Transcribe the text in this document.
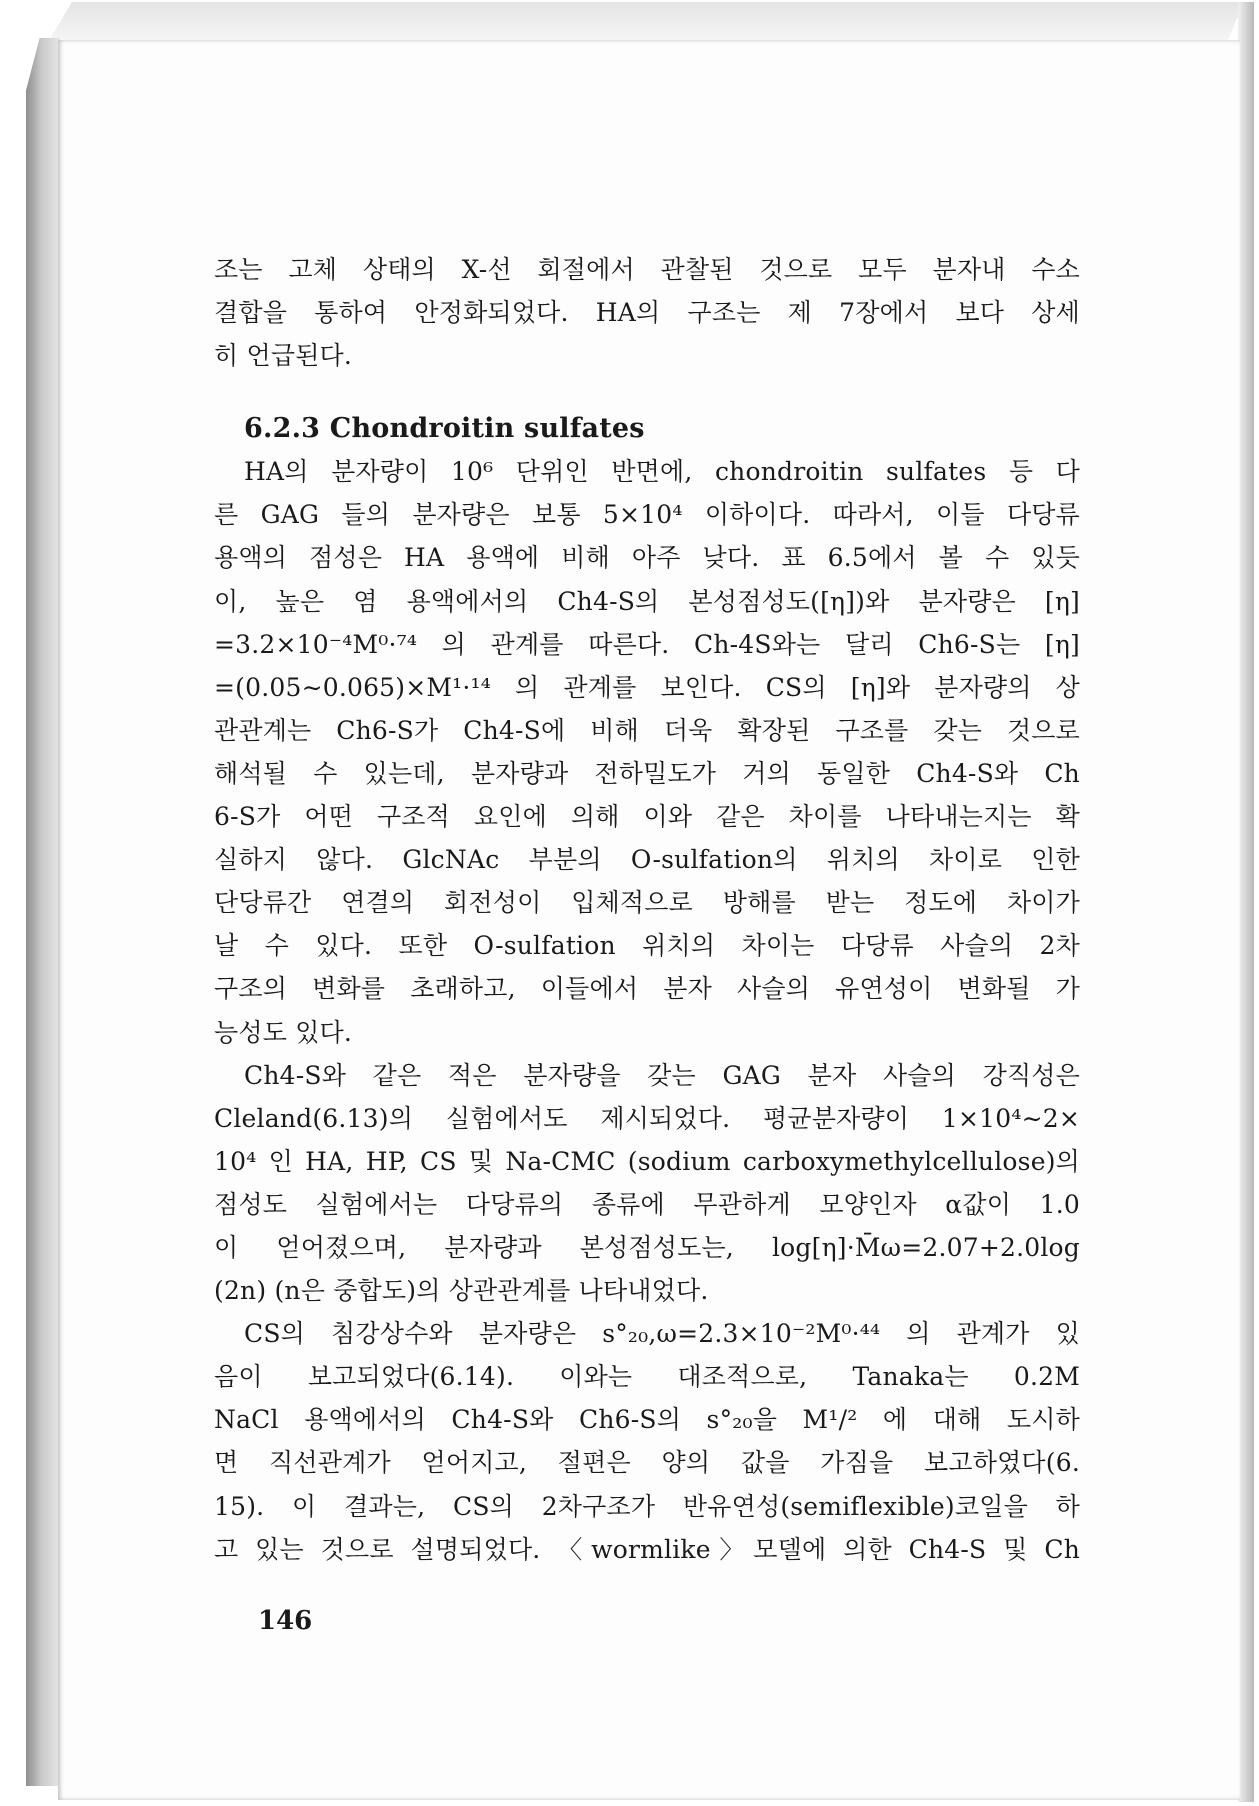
조는 고체 상태의 X-선 회절에서 관찰된 것으로 모두 분자내 수소
결합을 통하여 안정화되었다. HA의 구조는 제 7장에서 보다 상세
히 언급된다.
6.2.3 Chondroitin sulfates
HA의 분자량이 10⁶ 단위인 반면에, chondroitin sulfates 등 다
른 GAG 들의 분자량은 보통 5×10⁴ 이하이다. 따라서, 이들 다당류
용액의 점성은 HA 용액에 비해 아주 낮다. 표 6.5에서 볼 수 있듯
이, 높은 염 용액에서의 Ch4-S의 본성점성도([η])와 분자량은 [η]
=3.2×10⁻⁴M⁰·⁷⁴ 의 관계를 따른다. Ch-4S와는 달리 Ch6-S는 [η]
=(0.05∼0.065)×M¹·¹⁴ 의 관계를 보인다. CS의 [η]와 분자량의 상
관관계는 Ch6-S가 Ch4-S에 비해 더욱 확장된 구조를 갖는 것으로
해석될 수 있는데, 분자량과 전하밀도가 거의 동일한 Ch4-S와 Ch
6-S가 어떤 구조적 요인에 의해 이와 같은 차이를 나타내는지는 확
실하지 않다. GlcNAc 부분의 O-sulfation의 위치의 차이로 인한
단당류간 연결의 회전성이 입체적으로 방해를 받는 정도에 차이가
날 수 있다. 또한 O-sulfation 위치의 차이는 다당류 사슬의 2차
구조의 변화를 초래하고, 이들에서 분자 사슬의 유연성이 변화될 가
능성도 있다.
Ch4-S와 같은 적은 분자량을 갖는 GAG 분자 사슬의 강직성은
Cleland(6.13)의 실험에서도 제시되었다. 평균분자량이 1×10⁴∼2×
10⁴ 인 HA, HP, CS 및 Na-CMC (sodium carboxymethylcellulose)의
점성도 실험에서는 다당류의 종류에 무관하게 모양인자 α값이 1.0
이 얻어졌으며, 분자량과 본성점성도는, log[η]·M̄ω=2.07+2.0log
(2n) (n은 중합도)의 상관관계를 나타내었다.
CS의 침강상수와 분자량은 s°₂₀,ω=2.3×10⁻²M⁰·⁴⁴ 의 관계가 있
음이 보고되었다(6.14). 이와는 대조적으로, Tanaka는 0.2M
NaCl 용액에서의 Ch4-S와 Ch6-S의 s°₂₀을 M¹/² 에 대해 도시하
면 직선관계가 얻어지고, 절편은 양의 값을 가짐을 보고하였다(6.
15). 이 결과는, CS의 2차구조가 반유연성(semiflexible)코일을 하
고 있는 것으로 설명되었다. 〈wormlike〉모델에 의한 Ch4-S 및 Ch
146
